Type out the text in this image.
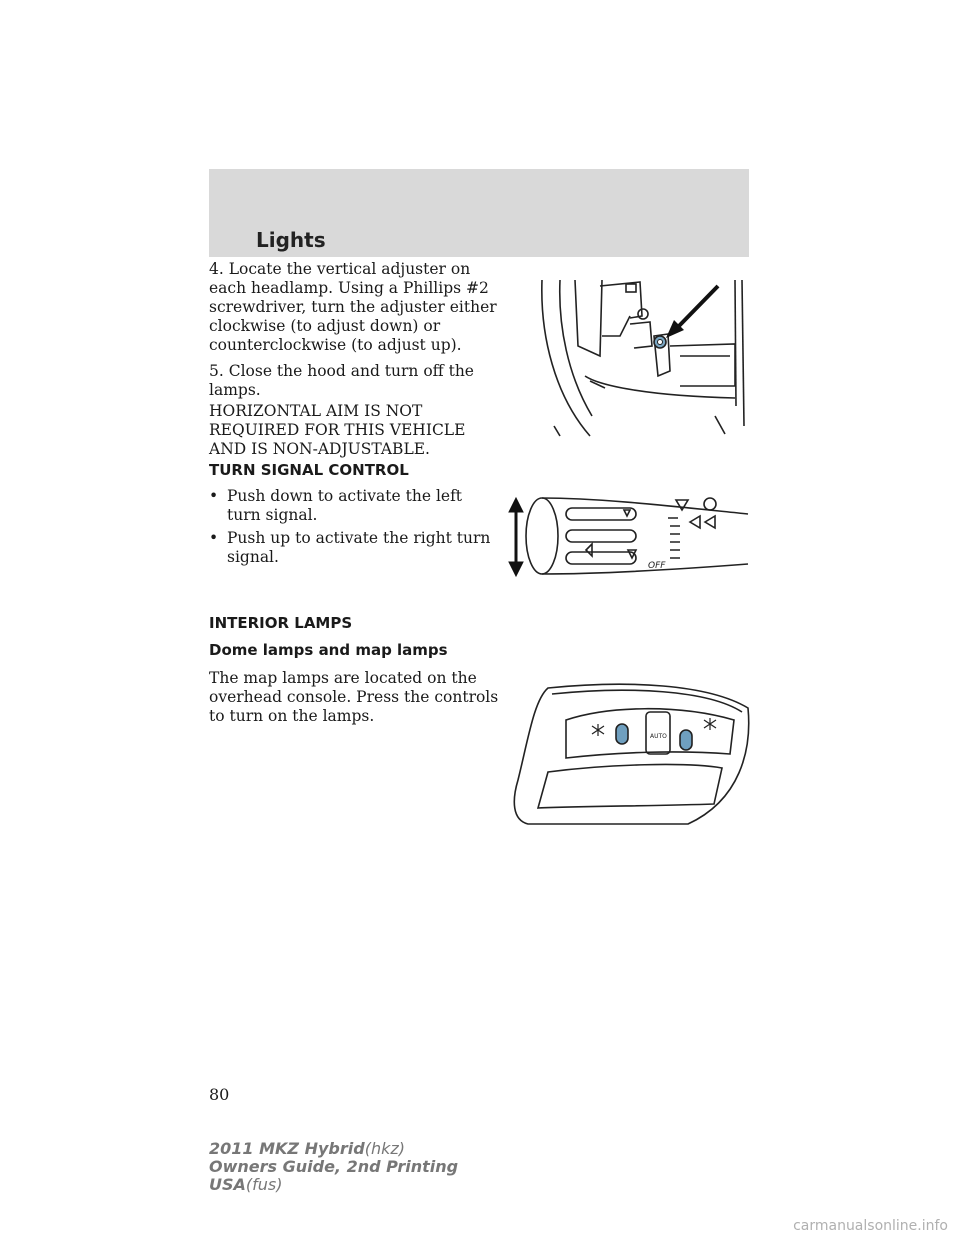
Lights

4. Locate the vertical adjuster on each headlamp. Using a Phillips #2 screwdriver, turn the adjuster either clockwise (to adjust down) or counterclockwise (to adjust up).

5. Close the hood and turn off the lamps.

HORIZONTAL AIM IS NOT REQUIRED FOR THIS VEHICLE AND IS NON-ADJUSTABLE.

TURN SIGNAL CONTROL
• Push down to activate the left turn signal.
• Push up to activate the right turn signal.
INTERIOR LAMPS
Dome lamps and map lamps

The map lamps are located on the overhead console. Press the controls to turn on the lamps.

OFF
AUTO
80
2011 MKZ Hybrid(hkz)
Owners Guide, 2nd Printing
USA(fus)
carmanualsonline.info
